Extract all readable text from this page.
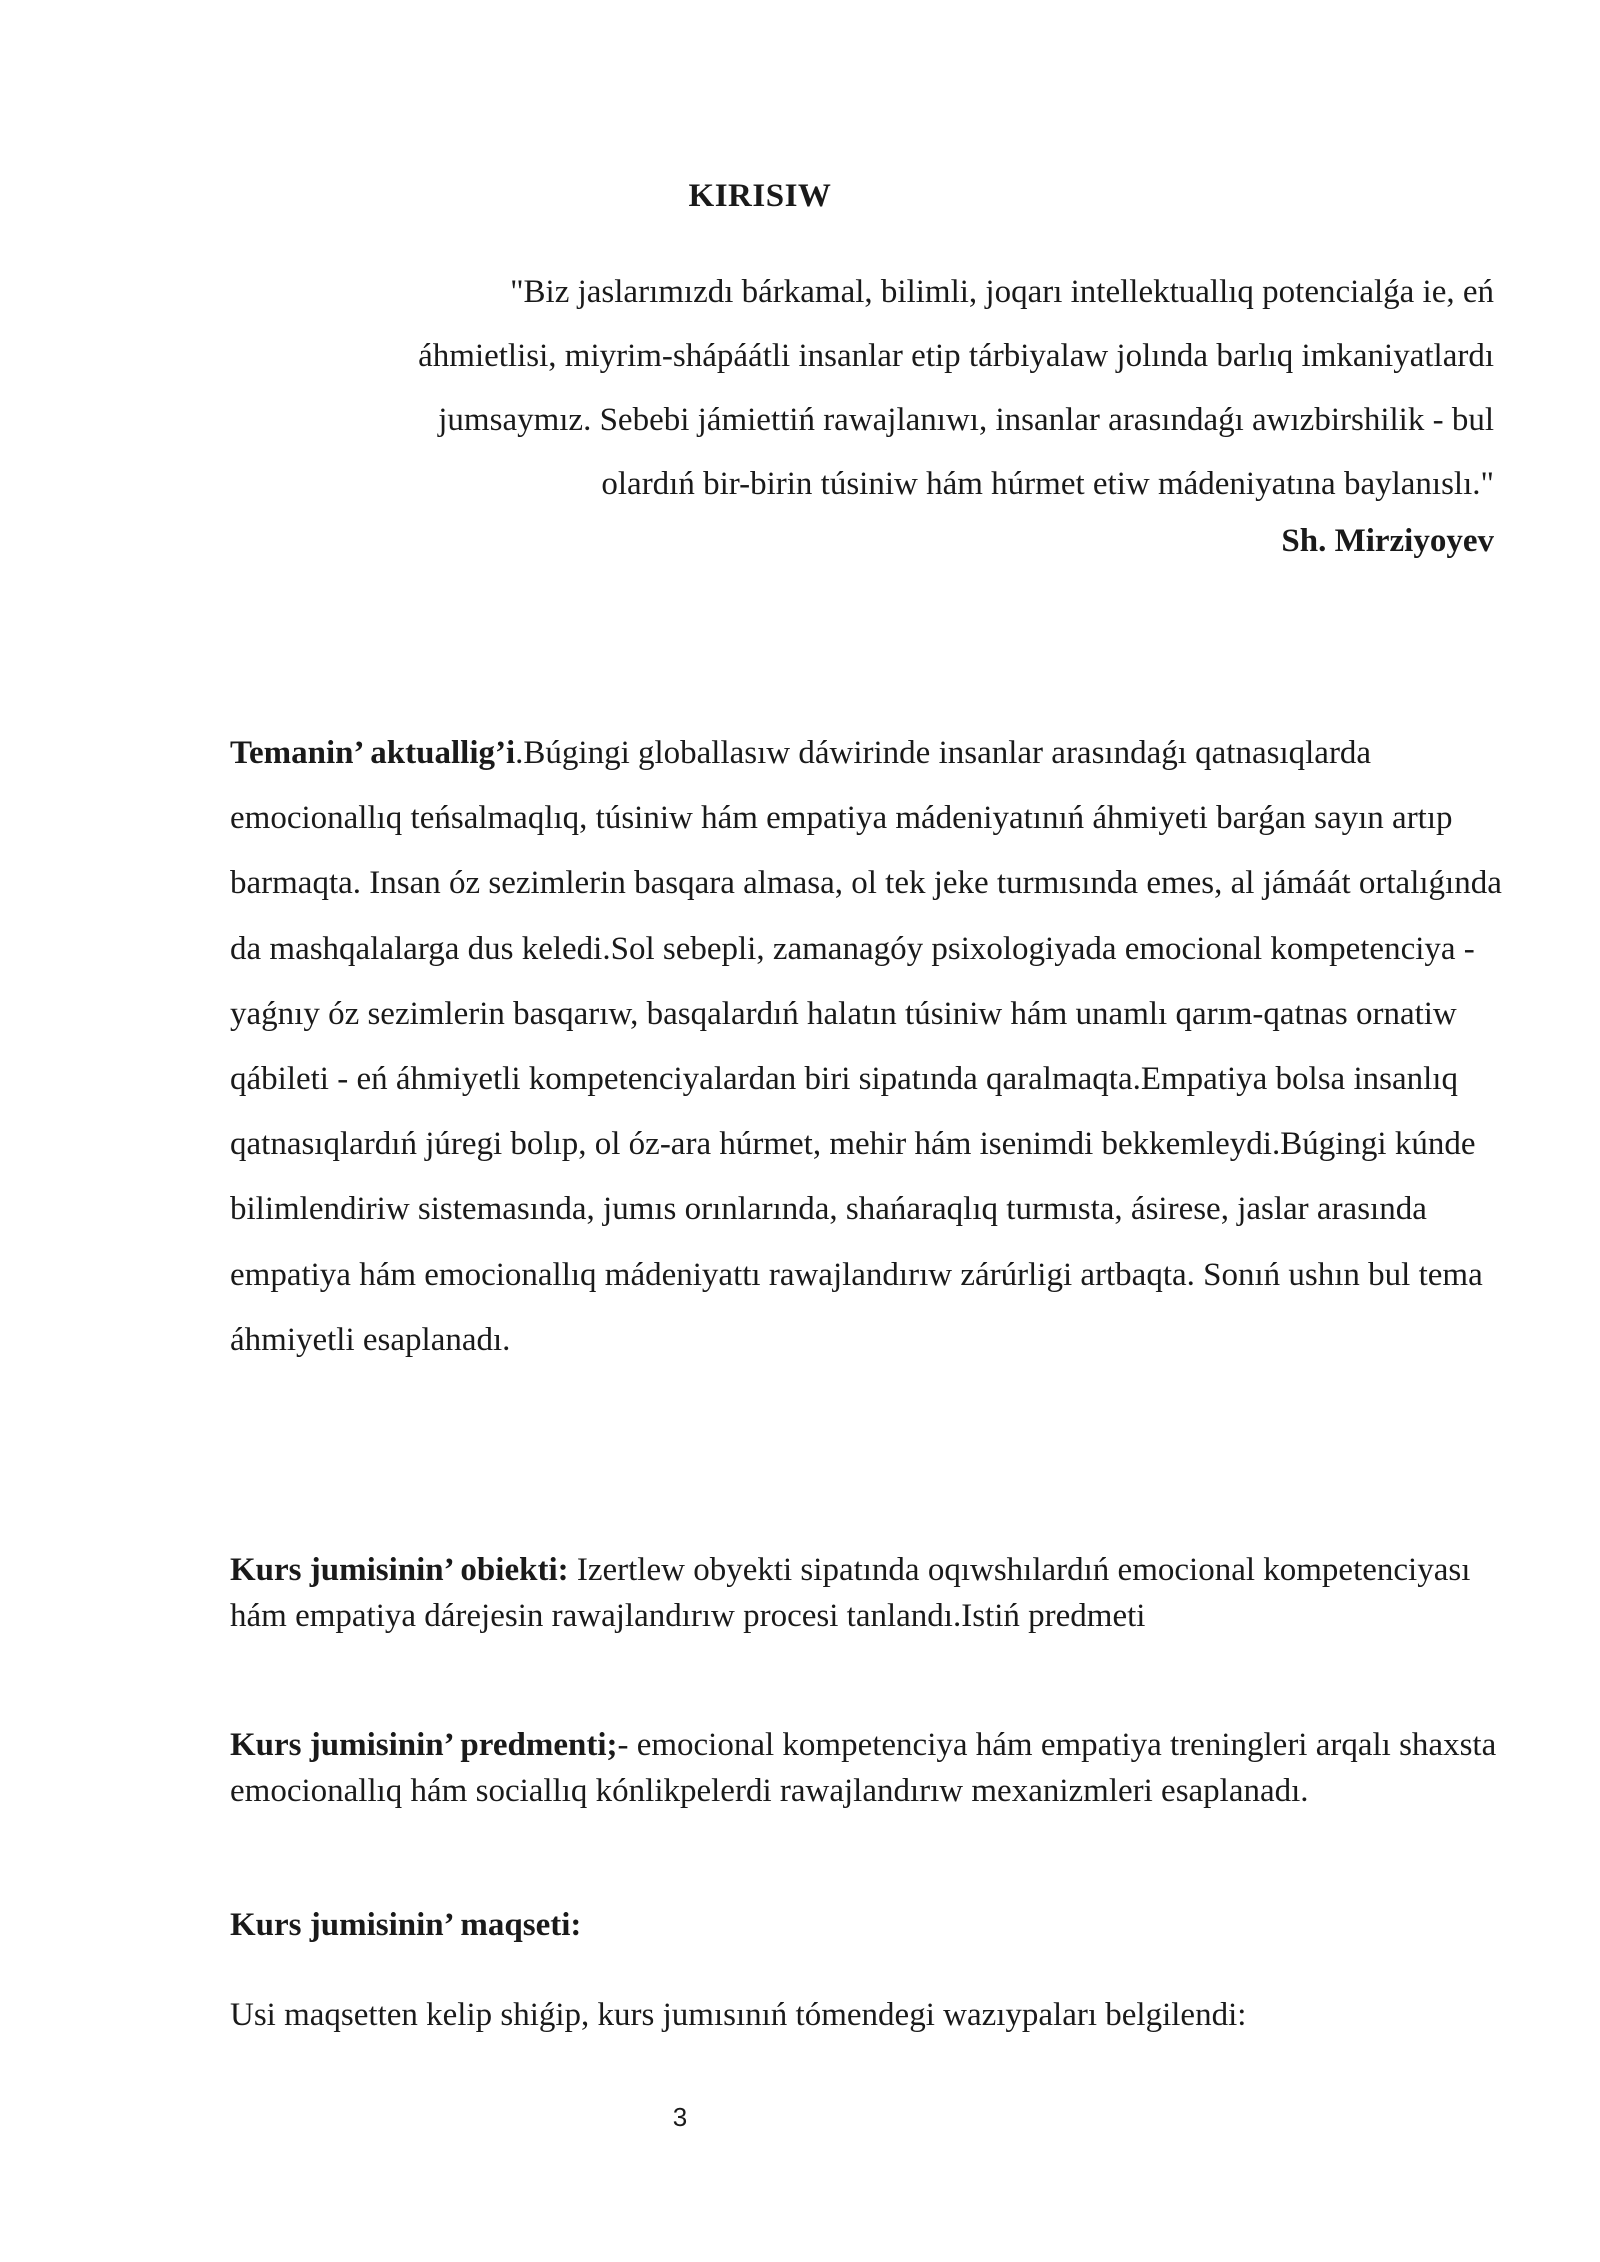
KIRISIW
"Biz jaslarımızdı bárkamal, bilimli, joqarı intellektuallıq potencialǵa ie, eń
áhmietlisi, miyrim-shápáátli insanlar etip tárbiyalaw jolında barlıq imkaniyatlardı
jumsaymız. Sebebi jámiettiń rawajlanıwı, insanlar arasındaǵı awızbirshilik - bul
olardıń bir-birin túsiniw hám húrmet etiw mádeniyatına baylanıslı."

Sh. Mirziyoyev

Temanin’ aktuallig’i.Búgingi globallasıw dáwirinde insanlar arasındaǵı qatnasıqlarda emocionallıq teńsalmaqlıq, túsiniw hám empatiya mádeniyatınıń áhmiyeti barǵan sayın artıp barmaqta. Insan óz sezimlerin basqara almasa, ol tek jeke turmısında emes, al jámáát ortalıǵında da mashqalalarga dus keledi.Sol sebepli, zamanagóy psixologiyada emocional kompetenciya - yaǵnıy óz sezimlerin basqarıw, basqalardıń halatın túsiniw hám unamlı qarım-qatnas ornatiw qábileti - eń áhmiyetli kompetenciyalardan biri sipatında qaralmaqta.Empatiya bolsa insanlıq qatnasıqlardıń júregi bolıp, ol óz-ara húrmet, mehir hám isenimdi bekkemleydi.Búgingi kúnde bilimlendiriw sistemasında, jumıs orınlarında, shańaraqlıq turmısta, ásirese, jaslar arasında empatiya hám emocionallıq mádeniyattı rawajlandırıw zárúrligi artbaqta. Sonıń ushın bul tema áhmiyetli esaplanadı.

Kurs jumisinin’ obiekti: Izertlew obyekti sipatında oqıwshılardıń emocional kompetenciyası hám empatiya dárejesin rawajlandırıw procesi tanlandı.Istiń predmeti

Kurs jumisinin’ predmenti;- emocional kompetenciya hám empatiya treningleri arqalı shaxsta emocionallıq hám sociallıq kónlikpelerdi rawajlandırıw mexanizmleri esaplanadı.

Kurs jumisinin’ maqseti:

Usi maqsetten kelip shiǵip, kurs jumısınıń tómendegi wazıypaları belgilendi:

3
